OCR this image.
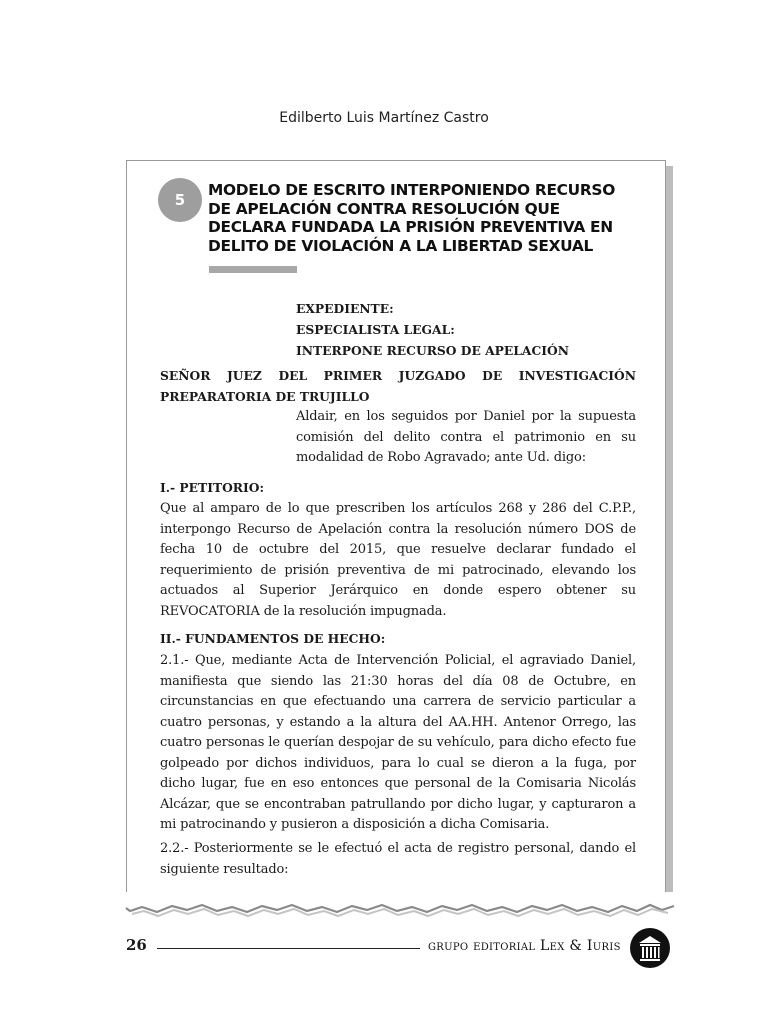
Edilberto Luis Martínez Castro
5
MODELO DE ESCRITO INTERPONIENDO RECURSO
DE APELACIÓN CONTRA RESOLUCIÓN QUE
DECLARA FUNDADA LA PRISIÓN PREVENTIVA EN
DELITO DE VIOLACIÓN A LA LIBERTAD SEXUAL
EXPEDIENTE:
ESPECIALISTA LEGAL:
INTERPONE RECURSO DE APELACIÓN

SEÑOR JUEZ DEL PRIMER JUZGADO DE INVESTIGACIÓN PREPARATORIA DE TRUJILLO

Aldair, en los seguidos por Daniel por la supuesta comisión del delito contra el patrimonio en su modalidad de Robo Agravado; ante Ud. digo:

I.- PETITORIO:

Que al amparo de lo que prescriben los artículos 268 y 286 del C.P.P., interpongo Recurso de Apelación contra la resolución número DOS de fecha 10 de octubre del 2015, que resuelve declarar fundado el requerimiento de prisión preventiva de mi patrocinado, elevando los actuados al Superior Jerárquico en donde espero obtener su REVOCATORIA de la resolución impugnada.

II.- FUNDAMENTOS DE HECHO:

2.1.- Que, mediante Acta de Intervención Policial, el agraviado Daniel, manifiesta que siendo las 21:30 horas del día 08 de Octubre, en circunstancias en que efectuando una carrera de servicio particular a cuatro personas, y estando a la altura del AA.HH. Antenor Orrego, las cuatro personas le querían despojar de su vehículo, para dicho efecto fue golpeado por dichos individuos, para lo cual se dieron a la fuga, por dicho lugar, fue en eso entonces que personal de la Comisaria Nicolás Alcázar, que se encontraban patrullando por dicho lugar, y capturaron a mi patrocinando y pusieron a disposición a dicha Comisaria.

2.2.- Posteriormente se le efectuó el acta de registro personal, dando el siguiente resultado:

26	grupo editorial Lex & Iuris
